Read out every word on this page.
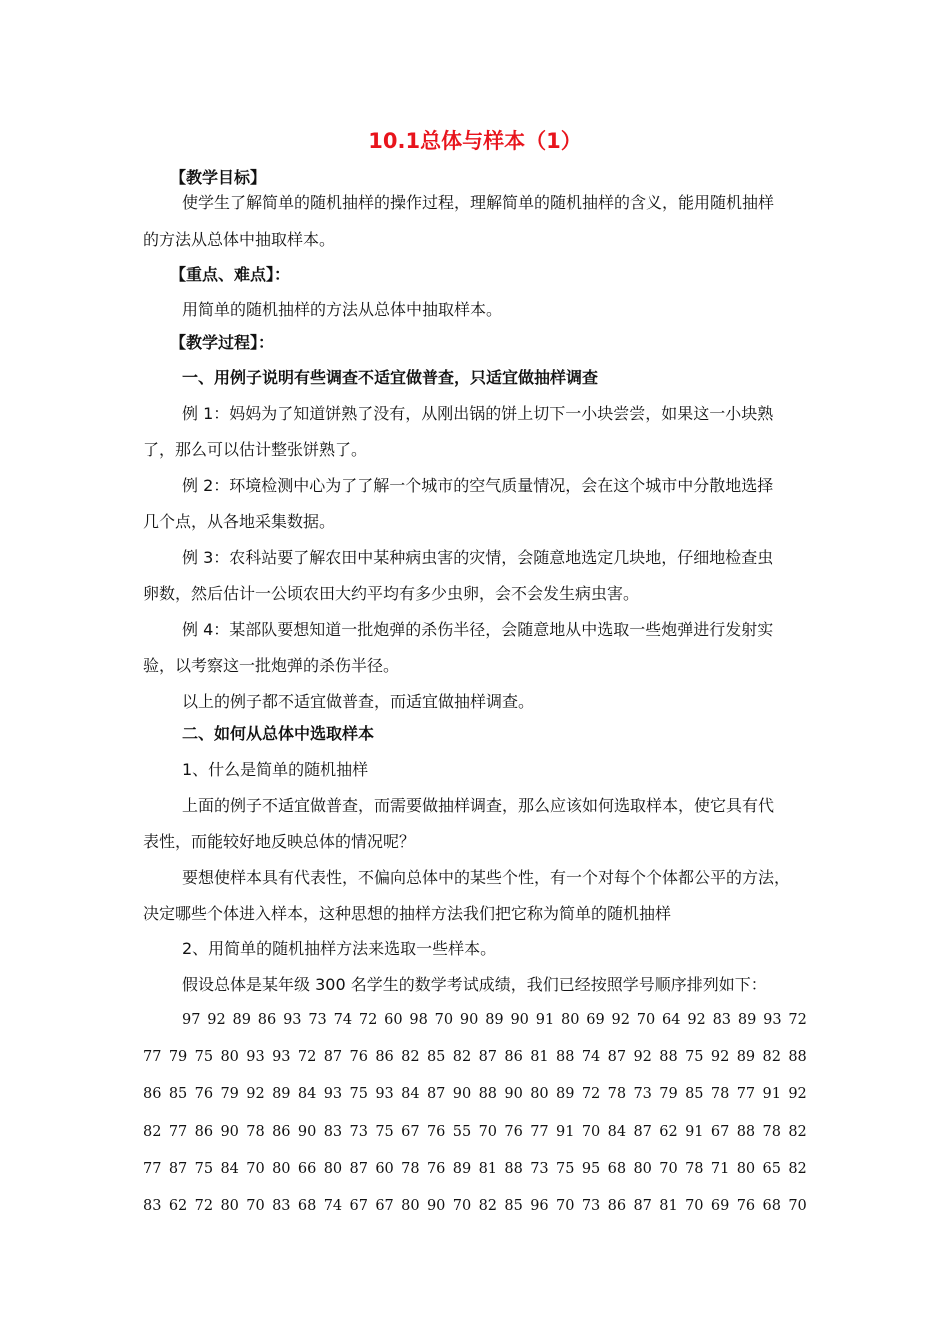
10.1总体与样本（1）
【教学目标】
使学生了解简单的随机抽样的操作过程，理解简单的随机抽样的含义，能用随机抽样
的方法从总体中抽取样本。
【重点、难点】：
用简单的随机抽样的方法从总体中抽取样本。
【教学过程】：
一、用例子说明有些调查不适宜做普查，只适宜做抽样调查
例 1：妈妈为了知道饼熟了没有，从刚出锅的饼上切下一小块尝尝，如果这一小块熟
了，那么可以估计整张饼熟了。
例 2：环境检测中心为了了解一个城市的空气质量情况，会在这个城市中分散地选择
几个点，从各地采集数据。
例 3：农科站要了解农田中某种病虫害的灾情，会随意地选定几块地，仔细地检查虫
卵数，然后估计一公顷农田大约平均有多少虫卵，会不会发生病虫害。
例 4：某部队要想知道一批炮弹的杀伤半径，会随意地从中选取一些炮弹进行发射实
验，以考察这一批炮弹的杀伤半径。
以上的例子都不适宜做普查，而适宜做抽样调查。
二、如何从总体中选取样本
1、什么是简单的随机抽样
上面的例子不适宜做普查，而需要做抽样调查，那么应该如何选取样本，使它具有代
表性，而能较好地反映总体的情况呢？
要想使样本具有代表性，不偏向总体中的某些个性，有一个对每个个体都公平的方法，
决定哪些个体进入样本，这种思想的抽样方法我们把它称为简单的随机抽样
2、用简单的随机抽样方法来选取一些样本。
假设总体是某年级 300 名学生的数学考试成绩，我们已经按照学号顺序排列如下：
97 92 89 86 93 73 74 72 60 98 70 90 89 90 91 80 69 92 70 64 92 83 89 93 72
77 79 75 80 93 93 72 87 76 86 82 85 82 87 86 81 88 74 87 92 88 75 92 89 82 88
86 85 76 79 92 89 84 93 75 93 84 87 90 88 90 80 89 72 78 73 79 85 78 77 91 92
82 77 86 90 78 86 90 83 73 75 67 76 55 70 76 77 91 70 84 87 62 91 67 88 78 82
77 87 75 84 70 80 66 80 87 60 78 76 89 81 88 73 75 95 68 80 70 78 71 80 65 82
83 62 72 80 70 83 68 74 67 67 80 90 70 82 85 96 70 73 86 87 81 70 69 76 68 70
